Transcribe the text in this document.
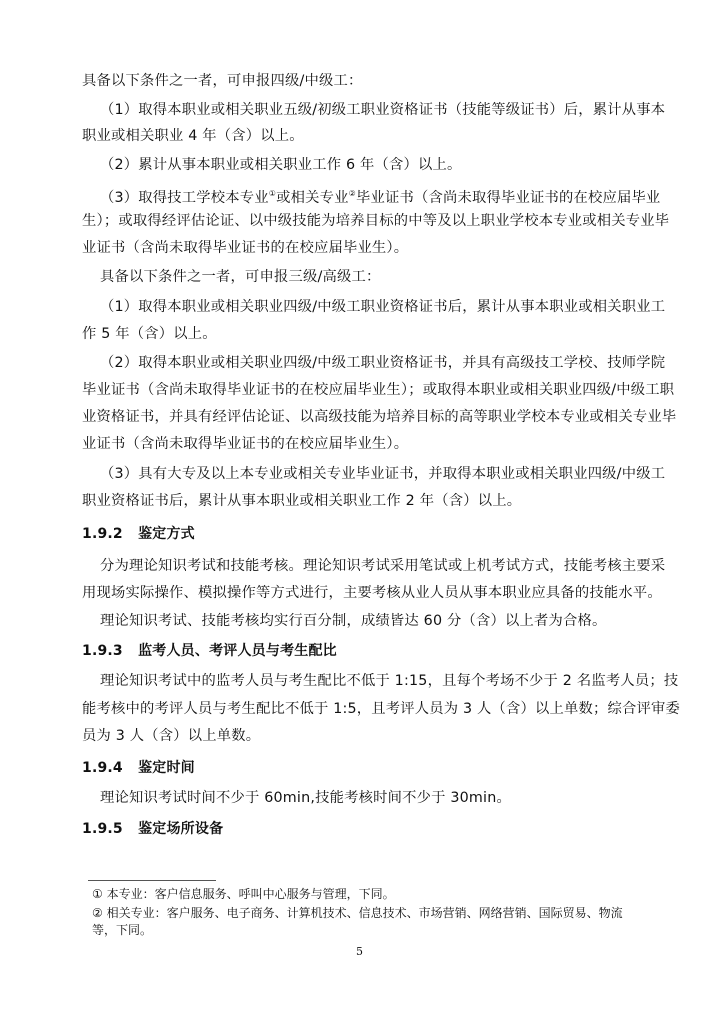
具备以下条件之一者，可申报四级/中级工：
（1）取得本职业或相关职业五级/初级工职业资格证书（技能等级证书）后，累计从事本
职业或相关职业 4 年（含）以上。
（2）累计从事本职业或相关职业工作 6 年（含）以上。
（3）取得技工学校本专业①或相关专业②毕业证书（含尚未取得毕业证书的在校应届毕业
生）；或取得经评估论证、以中级技能为培养目标的中等及以上职业学校本专业或相关专业毕
业证书（含尚未取得毕业证书的在校应届毕业生）。
具备以下条件之一者，可申报三级/高级工：
（1）取得本职业或相关职业四级/中级工职业资格证书后，累计从事本职业或相关职业工
作 5 年（含）以上。
（2）取得本职业或相关职业四级/中级工职业资格证书，并具有高级技工学校、技师学院
毕业证书（含尚未取得毕业证书的在校应届毕业生）；或取得本职业或相关职业四级/中级工职
业资格证书，并具有经评估论证、以高级技能为培养目标的高等职业学校本专业或相关专业毕
业证书（含尚未取得毕业证书的在校应届毕业生）。
（3）具有大专及以上本专业或相关专业毕业证书，并取得本职业或相关职业四级/中级工
职业资格证书后，累计从事本职业或相关职业工作 2 年（含）以上。
1.9.2   鉴定方式
分为理论知识考试和技能考核。理论知识考试采用笔试或上机考试方式，技能考核主要采
用现场实际操作、模拟操作等方式进行，主要考核从业人员从事本职业应具备的技能水平。
理论知识考试、技能考核均实行百分制，成绩皆达 60 分（含）以上者为合格。
1.9.3   监考人员、考评人员与考生配比
理论知识考试中的监考人员与考生配比不低于 1:15，且每个考场不少于 2 名监考人员；技
能考核中的考评人员与考生配比不低于 1:5，且考评人员为 3 人（含）以上单数；综合评审委
员为 3 人（含）以上单数。
1.9.4   鉴定时间
理论知识考试时间不少于 60min,技能考核时间不少于 30min。
1.9.5   鉴定场所设备
① 本专业：客户信息服务、呼叫中心服务与管理，下同。
② 相关专业：客户服务、电子商务、计算机技术、信息技术、市场营销、网络营销、国际贸易、物流
等，下同。
5
